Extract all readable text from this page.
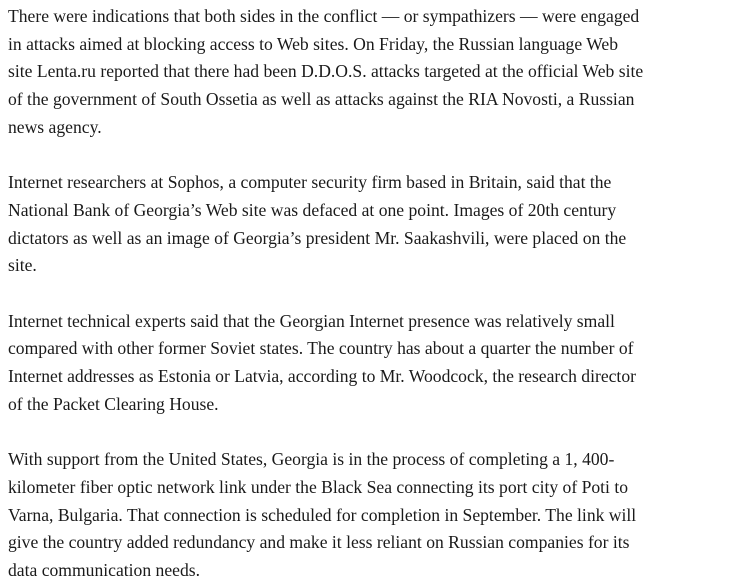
There were indications that both sides in the conflict — or sympathizers — were engaged
in attacks aimed at blocking access to Web sites. On Friday, the Russian language Web
site Lenta.ru reported that there had been D.D.O.S. attacks targeted at the official Web site
of the government of South Ossetia as well as attacks against the RIA Novosti, a Russian
news agency.

Internet researchers at Sophos, a computer security firm based in Britain, said that the
National Bank of Georgia’s Web site was defaced at one point. Images of 20th century
dictators as well as an image of Georgia’s president Mr. Saakashvili, were placed on the
site.

Internet technical experts said that the Georgian Internet presence was relatively small
compared with other former Soviet states. The country has about a quarter the number of
Internet addresses as Estonia or Latvia, according to Mr. Woodcock, the research director
of the Packet Clearing House.

With support from the United States, Georgia is in the process of completing a 1, 400-
kilometer fiber optic network link under the Black Sea connecting its port city of Poti to
Varna, Bulgaria. That connection is scheduled for completion in September. The link will
give the country added redundancy and make it less reliant on Russian companies for its
data communication needs.
